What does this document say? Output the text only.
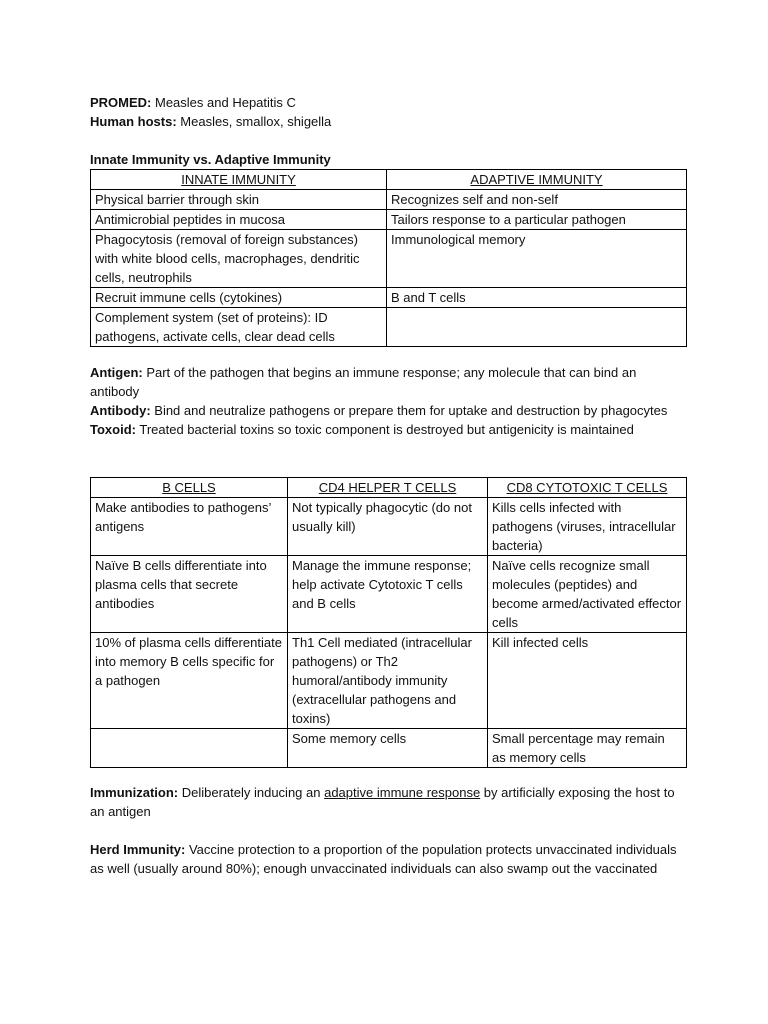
PROMED: Measles and Hepatitis C

Human hosts: Measles, smallox, shigella

Innate Immunity vs. Adaptive Immunity

INNATE IMMUNITY	ADAPTIVE IMMUNITY
Physical barrier through skin	Recognizes self and non-self
Antimicrobial peptides in mucosa	Tailors response to a particular pathogen
Phagocytosis (removal of foreign substances) with white blood cells, macrophages, dendritic cells, neutrophils	Immunological memory
Recruit immune cells (cytokines)	B and T cells
Complement system (set of proteins): ID pathogens, activate cells, clear dead cells	

Antigen: Part of the pathogen that begins an immune response; any molecule that can bind an antibody

Antibody: Bind and neutralize pathogens or prepare them for uptake and destruction by phagocytes

Toxoid: Treated bacterial toxins so toxic component is destroyed but antigenicity is maintained

B CELLS	CD4 HELPER T CELLS	CD8 CYTOTOXIC T CELLS
Make antibodies to pathogens’ antigens	Not typically phagocytic (do not usually kill)	Kills cells infected with pathogens (viruses, intracellular bacteria)
Naïve B cells differentiate into plasma cells that secrete antibodies	Manage the immune response; help activate Cytotoxic T cells and B cells	Naïve cells recognize small molecules (peptides) and become armed/activated effector cells
10% of plasma cells differentiate into memory B cells specific for a pathogen	Th1 Cell mediated (intracellular pathogens) or Th2 humoral/antibody immunity (extracellular pathogens and toxins)	Kill infected cells
	Some memory cells	Small percentage may remain as memory cells

Immunization: Deliberately inducing an adaptive immune response by artificially exposing the host to an antigen

Herd Immunity: Vaccine protection to a proportion of the population protects unvaccinated individuals as well (usually around 80%); enough unvaccinated individuals can also swamp out the vaccinated
